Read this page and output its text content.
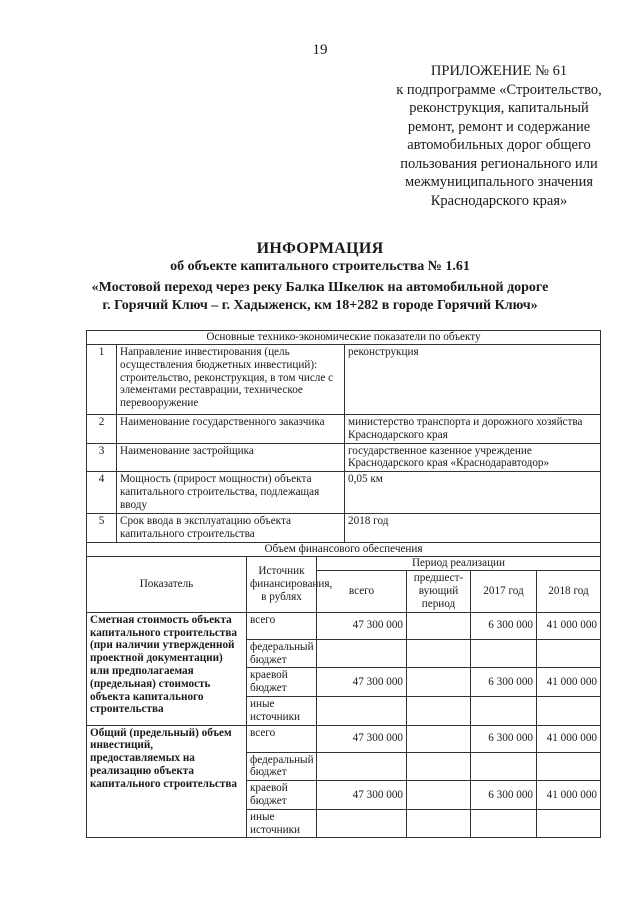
19
ПРИЛОЖЕНИЕ № 61
к подпрограмме «Строительство,
реконструкция, капитальный
ремонт, ремонт и содержание
автомобильных дорог общего
пользования регионального или
межмуниципального значения
Краснодарского края»
ИНФОРМАЦИЯ
об объекте капитального строительства № 1.61
«Мостовой переход через реку Балка Шкелюк на автомобильной дороге
г. Горячий Ключ – г. Хадыженск, км 18+282 в городе Горячий Ключ»
Основные технико-экономические показатели по объекту							
1	Направление инвестирования (цель осуществления бюджетных инвестиций): строительство, реконструкция, в том числе с элементами реставрации, техническое перевооружение			реконструкция			
2	Наименование государственного заказчика			министерство транспорта и дорожного хозяйства Краснодарского края			
3	Наименование застройщика			государственное казенное учреждение Краснодарского края «Краснодаравтодор»			
4	Мощность (прирост мощности) объекта капитального строительства, подлежащая вводу			0,05 км			
5	Срок ввода в эксплуатацию объекта капитального строительства			2018 год			
Объем финансового обеспечения							
Показатель		Источник финансирования, в рублях	Период реализации				
			всего		предшест-вующий период	2017 год	2018 год
Сметная стоимость объекта капитального строительства (при наличии утвержденной проектной документации) или предполагаемая (предельная) стоимость объекта капитального строительства		всего	47 300 000			6 300 000	41 000 000
		федеральный бюджет					
		краевой бюджет	47 300 000			6 300 000	41 000 000
		иные источники					
Общий (предельный) объем инвестиций, предоставляемых на реализацию объекта капитального строительства		всего	47 300 000			6 300 000	41 000 000
		федеральный бюджет					
		краевой бюджет	47 300 000			6 300 000	41 000 000
		иные источники					
